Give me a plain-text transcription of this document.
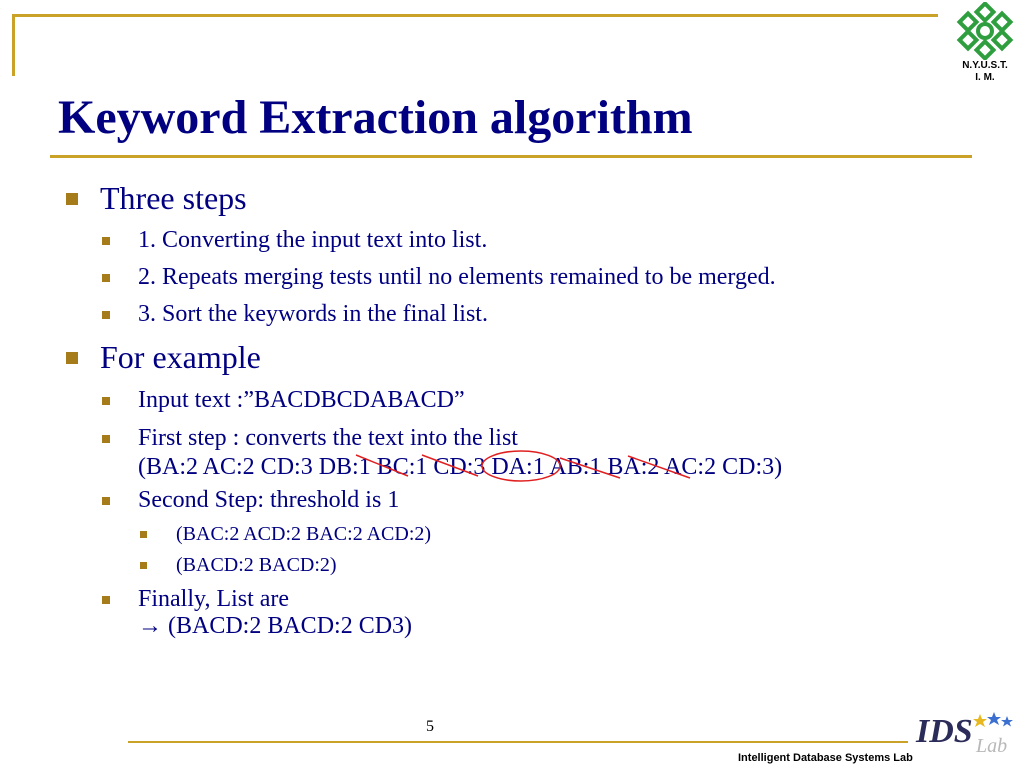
N.Y.U.S.T.
I. M.
Keyword Extraction algorithm
Three steps
1. Converting the input text into list.
2. Repeats merging tests until no elements remained to be merged.
3. Sort the keywords in the final list.
For example
Input text :”BACDBCDABACD”
First step : converts the text into the list
(BA:2 AC:2 CD:3 DB:1 BC:1 CD:3 DA:1 AB:1 BA:2 AC:2 CD:3)
Second Step: threshold is 1
(BAC:2 ACD:2 BAC:2 ACD:2)
(BACD:2 BACD:2)
Finally, List are
→ (BACD:2 BACD:2 CD3)
5	IDS Lab
Intelligent Database Systems Lab
